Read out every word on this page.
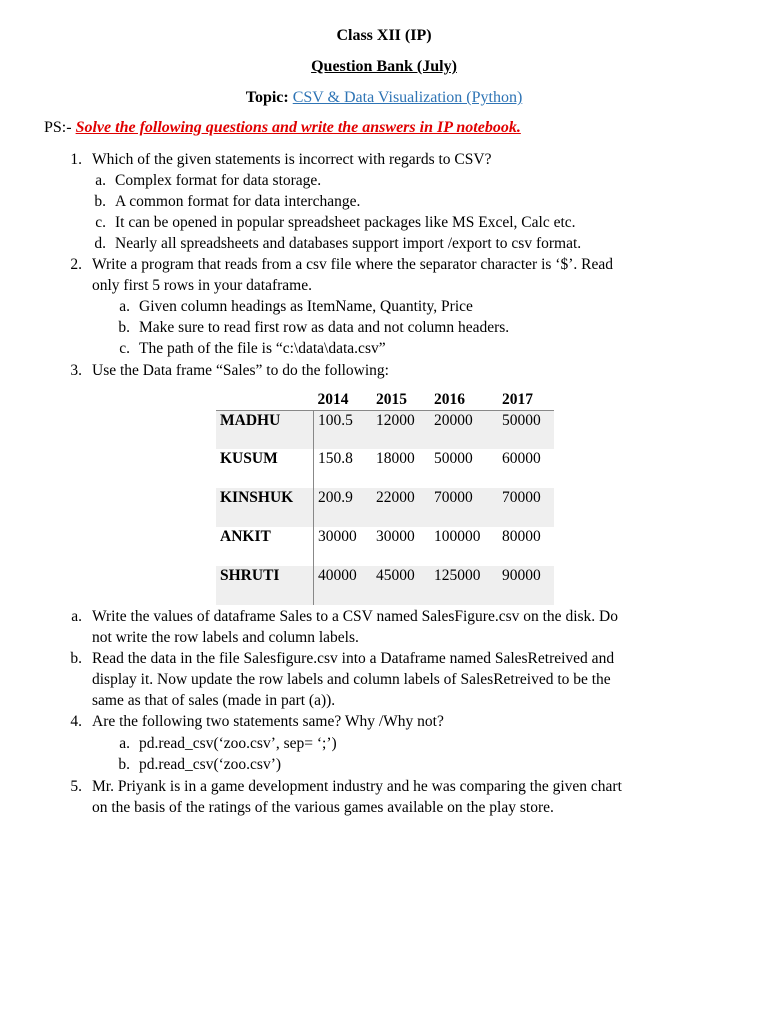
Class XII (IP)
Question Bank (July)
Topic: CSV & Data Visualization (Python)
PS:- Solve the following questions and write the answers in IP notebook.
1. Which of the given statements is incorrect with regards to CSV?
a. Complex format for data storage.
b. A common format for data interchange.
c. It can be opened in popular spreadsheet packages like MS Excel, Calc etc.
d. Nearly all spreadsheets and databases support import /export to csv format.
2. Write a program that reads from a csv file where the separator character is ‘$’. Read
only first 5 rows in your dataframe.
a. Given column headings as ItemName, Quantity, Price
b. Make sure to read first row as data and not column headers.
c. The path of the file is “c:\data\data.csv”
3. Use the Data frame “Sales” to do the following:
	2014	2015	2016	2017
MADHU	100.5	12000	20000	50000
KUSUM	150.8	18000	50000	60000
KINSHUK	200.9	22000	70000	70000
ANKIT	30000	30000	100000	80000
SHRUTI	40000	45000	125000	90000
a. Write the values of dataframe Sales to a CSV named SalesFigure.csv on the disk. Do
not write the row labels and column labels.
b. Read the data in the file Salesfigure.csv into a Dataframe named SalesRetreived and
display it. Now update the row labels and column labels of SalesRetreived to be the
same as that of sales (made in part (a)).
4. Are the following two statements same? Why /Why not?
a. pd.read_csv(‘zoo.csv’, sep= ‘;’)
b. pd.read_csv(‘zoo.csv’)
5. Mr. Priyank is in a game development industry and he was comparing the given chart
on the basis of the ratings of the various games available on the play store.
